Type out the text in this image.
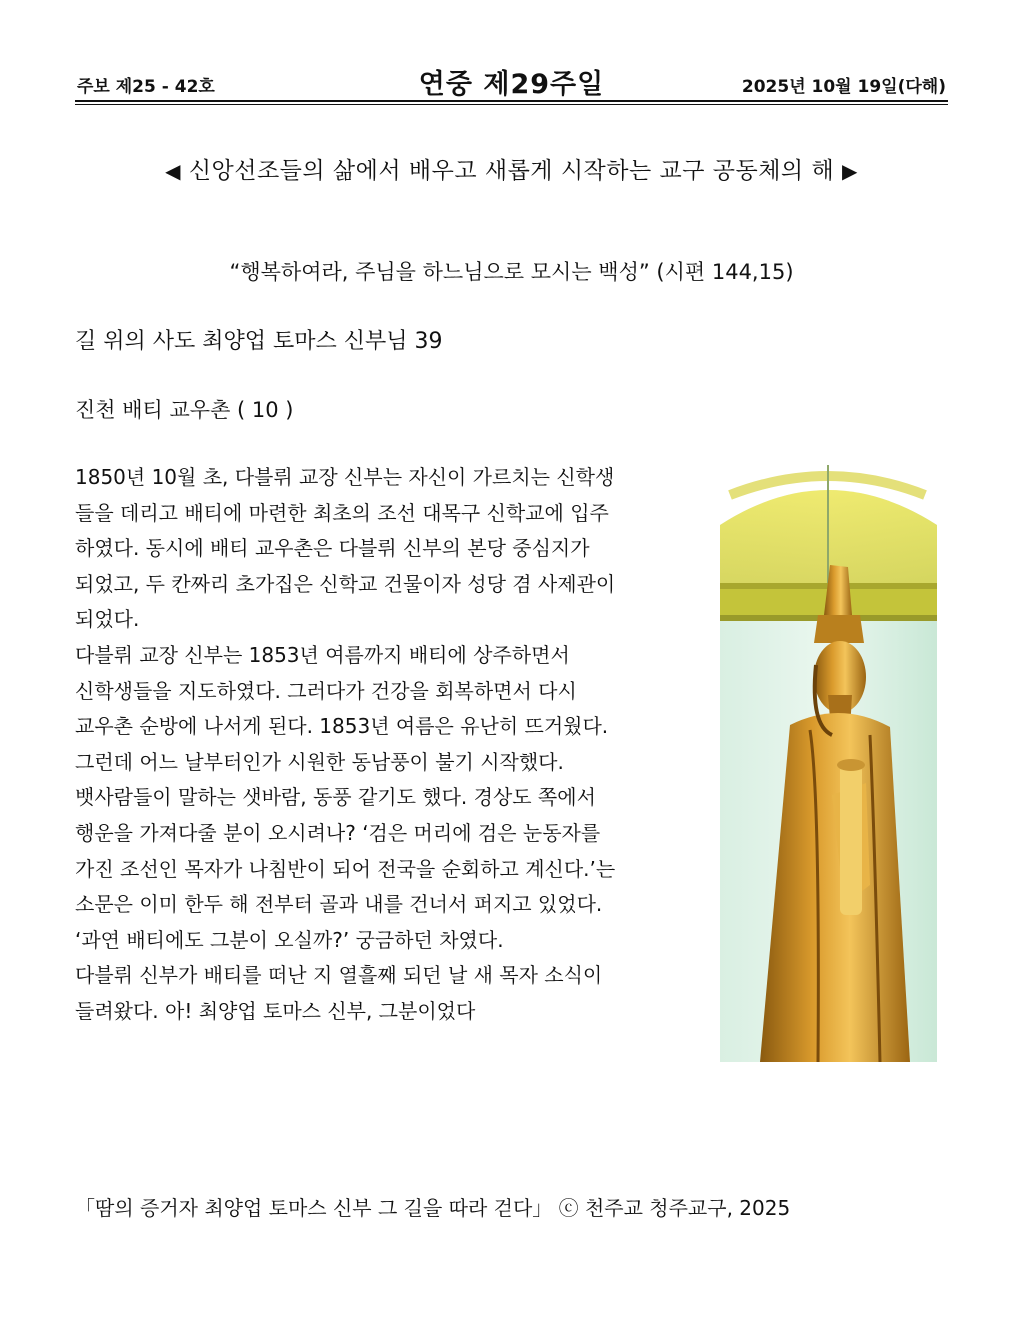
주보 제25 - 42호	연중 제29주일	2025년 10월 19일(다해)
◀ 신앙선조들의 삶에서 배우고 새롭게 시작하는 교구 공동체의 해 ▶
“행복하여라, 주님을 하느님으로 모시는 백성” (시편 144,15)
길 위의 사도 최양업 토마스 신부님 39
진천 배티 교우촌 ( 10 )

1850년 10월 초, 다블뤼 교장 신부는 자신이 가르치는 신학생

들을 데리고 배티에 마련한 최초의 조선 대목구 신학교에 입주

하였다. 동시에 배티 교우촌은 다블뤼 신부의 본당 중심지가

되었고, 두 칸짜리 초가집은 신학교 건물이자 성당 겸 사제관이

되었다.

다블뤼 교장 신부는 1853년 여름까지 배티에 상주하면서

신학생들을 지도하였다. 그러다가 건강을 회복하면서 다시

교우촌 순방에 나서게 된다. 1853년 여름은 유난히 뜨거웠다.

그런데 어느 날부터인가 시원한 동남풍이 불기 시작했다.

뱃사람들이 말하는 샛바람, 동풍 같기도 했다. 경상도 쪽에서

행운을 가져다줄 분이 오시려나? ‘검은 머리에 검은 눈동자를

가진 조선인 목자가 나침반이 되어 전국을 순회하고 계신다.’는

소문은 이미 한두 해 전부터 골과 내를 건너서 퍼지고 있었다.

‘과연 배티에도 그분이 오실까?’ 궁금하던 차였다.

다블뤼 신부가 배티를 떠난 지 열흘째 되던 날 새 목자 소식이

들려왔다. 아! 최양업 토마스 신부, 그분이었다

「땀의 증거자 최양업 토마스 신부 그 길을 따라 걷다」 ⓒ 천주교 청주교구, 2025
